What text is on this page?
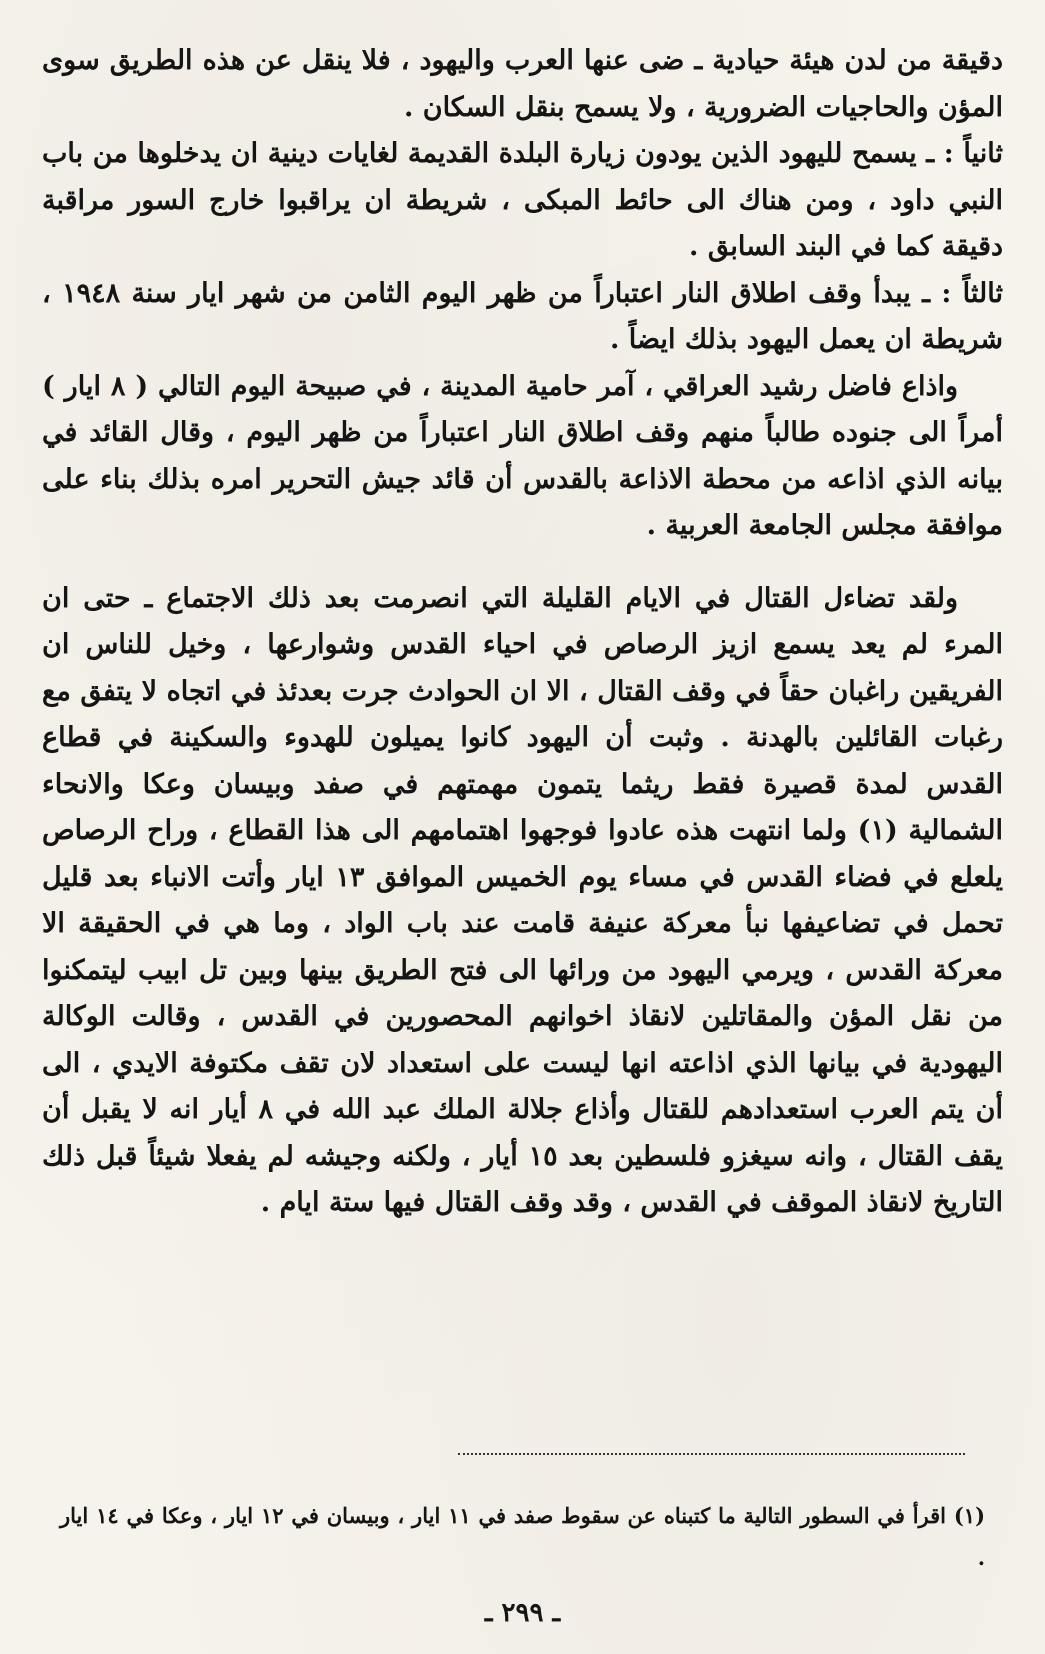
دقيقة من لدن هيئة حيادية ـ ضى عنها العرب واليهود ، فلا ينقل عن هذه الطريق سوى المؤن والحاجيات الضرورية ، ولا يسمح بنقل السكان .

ثانياً : ـ يسمح لليهود الذين يودون زيارة البلدة القديمة لغايات دينية ان يدخلوها من باب النبي داود ، ومن هناك الى حائط المبكى ، شريطة ان يراقبوا خارج السور مراقبة دقيقة كما في البند السابق .

ثالثاً : ـ يبدأ وقف اطلاق النار اعتباراً من ظهر اليوم الثامن من شهر ايار سنة ١٩٤٨ ، شريطة ان يعمل اليهود بذلك ايضاً .

واذاع فاضل رشيد العراقي ، آمر حامية المدينة ، في صبيحة اليوم التالي ( ٨ ايار ) أمراً الى جنوده طالباً منهم وقف اطلاق النار اعتباراً من ظهر اليوم ، وقال القائد في بيانه الذي اذاعه من محطة الاذاعة بالقدس أن قائد جيش التحرير امره بذلك بناء على موافقة مجلس الجامعة العربية .

ولقد تضاءل القتال في الايام القليلة التي انصرمت بعد ذلك الاجتماع ـ حتى ان المرء لم يعد يسمع ازيز الرصاص في احياء القدس وشوارعها ، وخيل للناس ان الفريقين راغبان حقاً في وقف القتال ، الا ان الحوادث جرت بعدئذ في اتجاه لا يتفق مع رغبات القائلين بالهدنة . وثبت أن اليهود كانوا يميلون للهدوء والسكينة في قطاع القدس لمدة قصيرة فقط ريثما يتمون مهمتهم في صفد وبيسان وعكا والانحاء الشمالية (١) ولما انتهت هذه عادوا فوجهوا اهتمامهم الى هذا القطاع ، وراح الرصاص يلعلع في فضاء القدس في مساء يوم الخميس الموافق ١٣ ايار وأتت الانباء بعد قليل تحمل في تضاعيفها نبأ معركة عنيفة قامت عند باب الواد ، وما هي في الحقيقة الا معركة القدس ، ويرمي اليهود من ورائها الى فتح الطريق بينها وبين تل ابيب ليتمكنوا من نقل المؤن والمقاتلين لانقاذ اخوانهم المحصورين في القدس ، وقالت الوكالة اليهودية في بيانها الذي اذاعته انها ليست على استعداد لان تقف مكتوفة الايدي ، الى أن يتم العرب استعدادهم للقتال وأذاع جلالة الملك عبد الله في ٨ أيار انه لا يقبل أن يقف القتال ، وانه سيغزو فلسطين بعد ١٥ أيار ، ولكنه وجيشه لم يفعلا شيئاً قبل ذلك التاريخ لانقاذ الموقف في القدس ، وقد وقف القتال فيها ستة ايام .

(١) اقرأ في السطور التالية ما كتبناه عن سقوط صفد في ١١ ايار ، وبيسان في ١٢ ايار ، وعكا في ١٤ ايار .

ـ ٢٩٩ ـ
